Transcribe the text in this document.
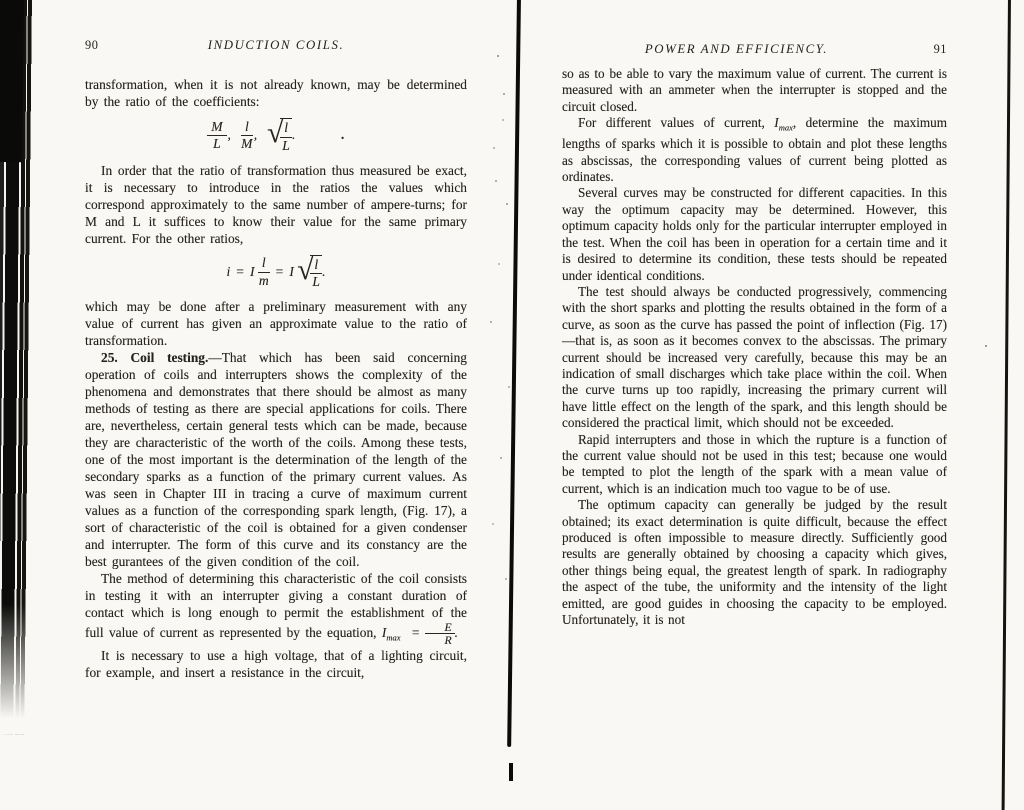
90	INDUCTION COILS.

transformation, when it is not already known, may be determined by the ratio of the coefficients:

$\frac{M}{L}$ , $\frac{l}{M}$ , √
$\frac{l}{L}$ .	.

In order that the ratio of transformation thus measured be exact, it is necessary to introduce in the ratios the values which correspond approximately to the same number of ampere-turns; for M and L it suffices to know their value for the same primary current. For the other ratios,

i = I $\frac{l}{m} = I$ √
$\frac{l}{L}$ .

which may be done after a preliminary measurement with any value of current has given an approximate value to the ratio of transformation.

25. Coil testing.—That which has been said concerning operation of coils and interrupters shows the complexity of the phenomena and demonstrates that there should be almost as many methods of testing as there are special applications for coils. There are, nevertheless, certain general tests which can be made, because they are characteristic of the worth of the coils. Among these tests, one of the most important is the determination of the length of the secondary sparks as a function of the primary current values. As was seen in Chapter III in tracing a curve of maximum current values as a function of the corresponding spark length, (Fig. 17), a sort of characteristic of the coil is obtained for a given condenser and interrupter. The form of this curve and its constancy are the best gurantees of the given condition of the coil.

The method of determining this characteristic of the coil consists in testing it with an interrupter giving a constant duration of contact which is long enough to permit the establishment of the full value of current as represented by the equation, $I_{max} = \frac{E}{R}$ .

It is necessary to use a high voltage, that of a lighting circuit, for example, and insert a resistance in the circuit,

POWER AND EFFICIENCY.	91

so as to be able to vary the maximum value of current. The current is measured with an ammeter when the interrupter is stopped and the circuit closed.

For different values of current, $I_{max}$, determine the maximum lengths of sparks which it is possible to obtain and plot these lengths as abscissas, the corresponding values of current being plotted as ordinates.

Several curves may be constructed for different capacities. In this way the optimum capacity may be determined. However, this optimum capacity holds only for the particular interrupter employed in the test. When the coil has been in operation for a certain time and it is desired to determine its condition, these tests should be repeated under identical conditions.

The test should always be conducted progressively, commencing with the short sparks and plotting the results obtained in the form of a curve, as soon as the curve has passed the point of inflection (Fig. 17)—that is, as soon as it becomes convex to the abscissas. The primary current should be increased very carefully, because this may be an indication of small discharges which take place within the coil. When the curve turns up too rapidly, increasing the primary current will have little effect on the length of the spark, and this length should be considered the practical limit, which should not be exceeded.

Rapid interrupters and those in which the rupture is a function of the current value should not be used in this test; because one would be tempted to plot the length of the spark with a mean value of current, which is an indication much too vague to be of use.

The optimum capacity can generally be judged by the result obtained; its exact determination is quite difficult, because the effect produced is often impossible to measure directly. Sufficiently good results are generally obtained by choosing a capacity which gives, other things being equal, the greatest length of spark. In radiography the aspect of the tube, the uniformity and the intensity of the light emitted, are good guides in choosing the capacity to be employed. Unfortunately, it is not
